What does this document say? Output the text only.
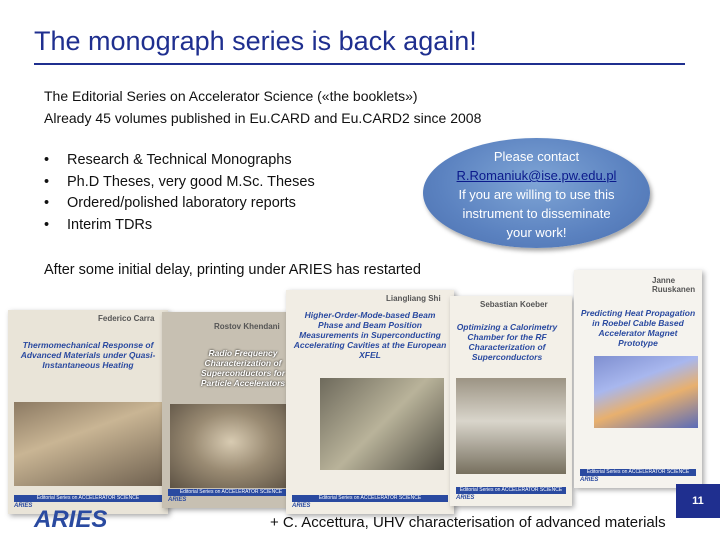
The monograph series is back again!
The Editorial Series on Accelerator Science («the booklets»)
Already 45 volumes published in Eu.CARD and Eu.CARD2 since 2008
• Research & Technical Monographs
• Ph.D Theses, very good M.Sc. Theses
• Ordered/polished laboratory reports
• Interim TDRs
Please contact
R.Romaniuk@ise.pw.edu.pl
If you are willing to use this
instrument to disseminate
your work!
After some initial delay, printing under ARIES has restarted
Federico Carra
Thermomechanical Response of Advanced Materials under Quasi-Instantaneous Heating
Editorial Series on ACCELERATOR SCIENCE
ARIES
Rostov Khendani
Radio Frequency Characterization of Superconductors for Particle Accelerators
Editorial Series on ACCELERATOR SCIENCE
ARIES
Liangliang Shi
Higher-Order-Mode-based Beam Phase and Beam Position Measurements in Superconducting Accelerating Cavities at the European XFEL
Editorial Series on ACCELERATOR SCIENCE
ARIES
Sebastian Koeber
Optimizing a Calorimetry Chamber for the RF Characterization of Superconductors
Editorial Series on ACCELERATOR SCIENCE
ARIES
Janne Ruuskanen
Predicting Heat Propagation in Roebel Cable Based Accelerator Magnet Prototype
Editorial Series on ACCELERATOR SCIENCE
ARIES
ARIES	+ C. Accettura, UHV characterisation of advanced materials
11
